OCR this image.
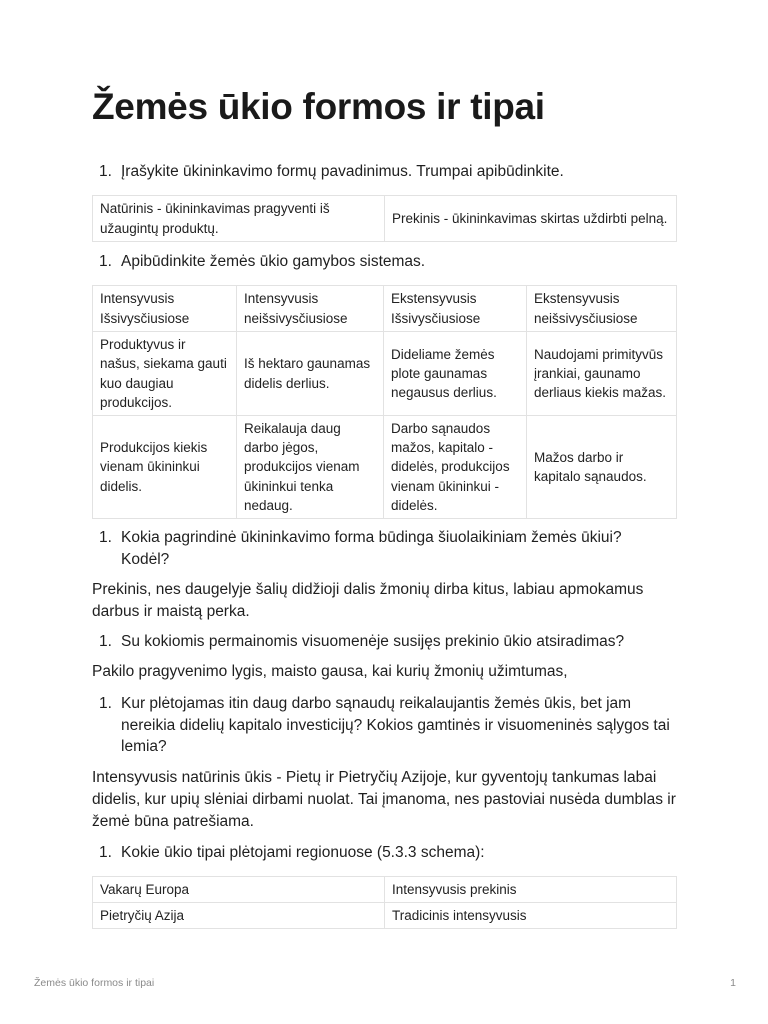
Žemės ūkio formos ir tipai
1. Įrašykite ūkininkavimo formų pavadinimus. Trumpai apibūdinkite.
Natūrinis - ūkininkavimas pragyventi iš užaugintų produktų.	Prekinis - ūkininkavimas skirtas uždirbti pelną.
1. Apibūdinkite žemės ūkio gamybos sistemas.
Intensyvusis Išsivysčiusiose	Intensyvusis neišsivysčiusiose	Ekstensyvusis Išsivysčiusiose	Ekstensyvusis neišsivysčiusiose
Produktyvus ir našus, siekama gauti kuo daugiau produkcijos.	Iš hektaro gaunamas didelis derlius.	Dideliame žemės plote gaunamas negausus derlius.	Naudojami primityvūs įrankiai, gaunamo derliaus kiekis mažas.
Produkcijos kiekis vienam ūkininkui didelis.	Reikalauja daug darbo jėgos, produkcijos vienam ūkininkui tenka nedaug.	Darbo sąnaudos mažos, kapitalo - didelės, produkcijos vienam ūkininkui - didelės.	Mažos darbo ir kapitalo sąnaudos.
1. Kokia pagrindinė ūkininkavimo forma būdinga šiuolaikiniam žemės ūkiui? Kodėl?
Prekinis, nes daugelyje šalių didžioji dalis žmonių dirba kitus, labiau apmokamus darbus ir maistą perka.
1. Su kokiomis permainomis visuomenėje susijęs prekinio ūkio atsiradimas?
Pakilo pragyvenimo lygis, maisto gausa, kai kurių žmonių užimtumas,
1. Kur plėtojamas itin daug darbo sąnaudų reikalaujantis žemės ūkis, bet jam nereikia didelių kapitalo investicijų? Kokios gamtinės ir visuomeninės sąlygos tai lemia?
Intensyvusis natūrinis ūkis - Pietų ir Pietryčių Azijoje, kur gyventojų tankumas labai didelis, kur upių slėniai dirbami nuolat. Tai įmanoma, nes pastoviai nusėda dumblas ir žemė būna patrešiama.
1. Kokie ūkio tipai plėtojami regionuose (5.3.3 schema):
Vakarų Europa	Intensyvusis prekinis
Pietryčių Azija	Tradicinis intensyvusis
Žemės ūkio formos ir tipai	1
